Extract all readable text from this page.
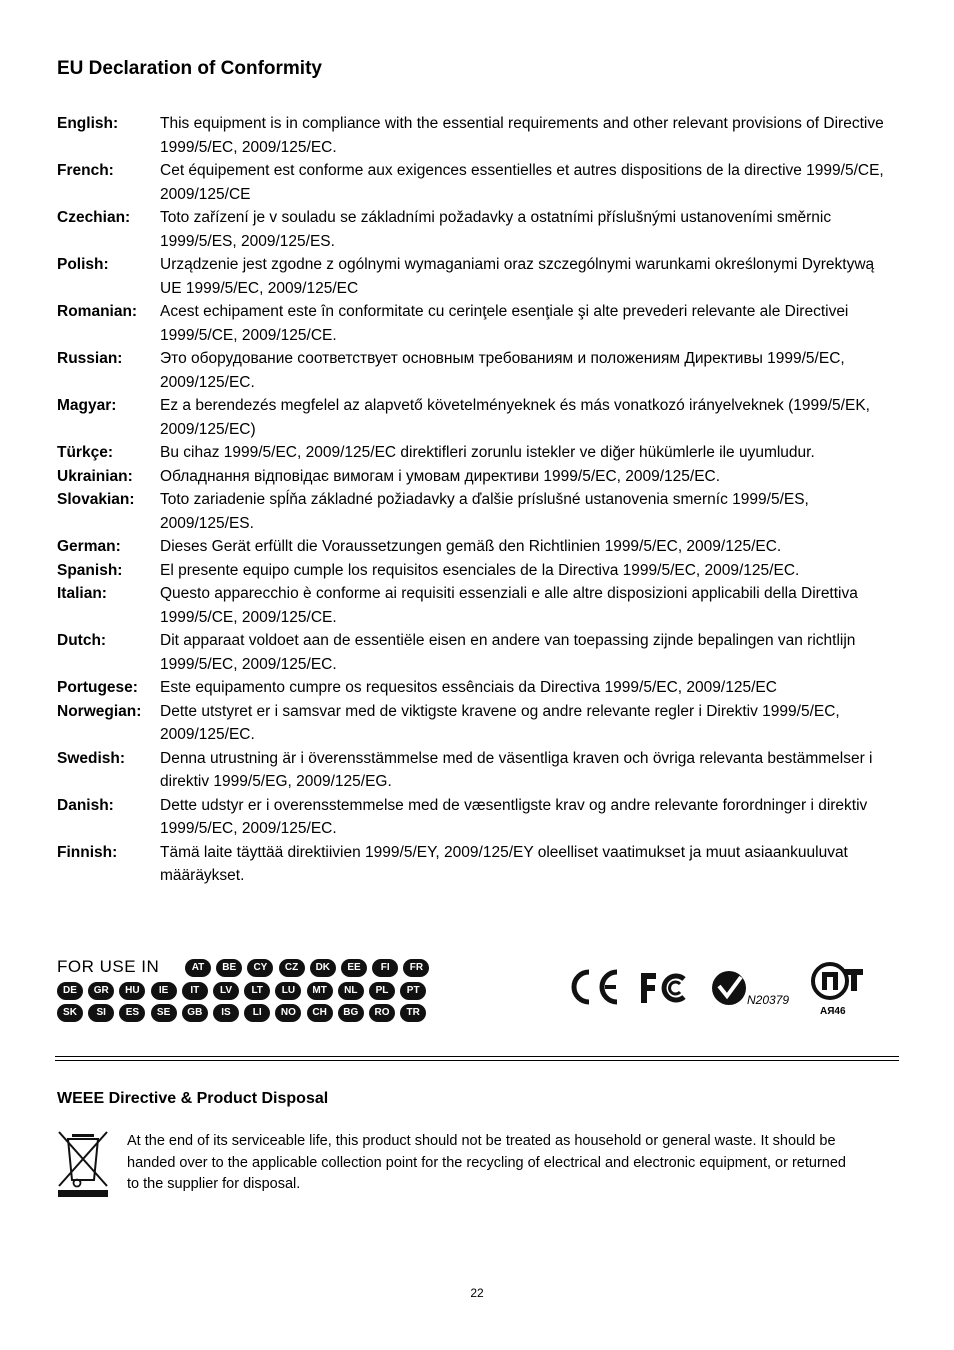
EU Declaration of Conformity
English:	This equipment is in compliance with the essential requirements and other relevant provisions of Directive 1999/5/EC, 2009/125/EC.
French:	Cet équipement est conforme aux exigences essentielles et autres dispositions de la directive 1999/5/CE, 2009/125/CE
Czechian:	Toto zařízení je v souladu se základními požadavky a ostatními příslušnými ustanoveními směrnic 1999/5/ES, 2009/125/ES.
Polish:	Urządzenie jest zgodne z ogólnymi wymaganiami oraz szczególnymi warunkami określonymi Dyrektywą UE 1999/5/EC, 2009/125/EC
Romanian:	Acest echipament este în conformitate cu cerinţele esenţiale şi alte prevederi relevante ale Directivei 1999/5/CE, 2009/125/CE.
Russian:	Это оборудование соответствует основным требованиям и положениям Директивы 1999/5/EC, 2009/125/EC.
Magyar:	Ez a berendezés megfelel az alapvető követelményeknek és más vonatkozó irányelveknek (1999/5/EK, 2009/125/EC)
Türkçe:	Bu cihaz 1999/5/EC, 2009/125/EC direktifleri zorunlu istekler ve diğer hükümlerle ile uyumludur.
Ukrainian:	Обладнання відповідає вимогам і умовам директиви 1999/5/EC, 2009/125/EC.
Slovakian:	Toto zariadenie spĺňa základné požiadavky a ďalšie príslušné ustanovenia smerníc 1999/5/ES, 2009/125/ES.
German:	Dieses Gerät erfüllt die Voraussetzungen gemäß den Richtlinien 1999/5/EC, 2009/125/EC.
Spanish:	El presente equipo cumple los requisitos esenciales de la Directiva 1999/5/EC, 2009/125/EC.
Italian:	Questo apparecchio è conforme ai requisiti essenziali e alle altre disposizioni applicabili della Direttiva 1999/5/CE, 2009/125/CE.
Dutch:	Dit apparaat voldoet aan de essentiële eisen en andere van toepassing zijnde bepalingen van richtlijn 1999/5/EC, 2009/125/EC.
Portugese:	Este equipamento cumpre os requesitos essênciais da Directiva 1999/5/EC, 2009/125/EC
Norwegian:	Dette utstyret er i samsvar med de viktigste kravene og andre relevante regler i Direktiv 1999/5/EC, 2009/125/EC.
Swedish:	Denna utrustning är i överensstämmelse med de väsentliga kraven och övriga relevanta bestämmelser i direktiv 1999/5/EG, 2009/125/EG.
Danish:	Dette udstyr er i overensstemmelse med de væsentligste krav og andre relevante forordninger i direktiv 1999/5/EC, 2009/125/EC.
Finnish:	Tämä laite täyttää direktiivien 1999/5/EY, 2009/125/EY oleelliset vaatimukset ja muut asiaankuuluvat määräykset.
FOR USE IN	AT	BE	CY	CZ	DK	EE	FI	FR
DE	GR	HU	IE	IT	LV	LT	LU	MT	NL	PL	PT
SK	SI	ES	SE	GB	IS	LI	NO	CH	BG	RO	TR
N20379
АЯ46
WEEE Directive & Product Disposal
At the end of its serviceable life, this product should not be treated as household or general waste. It should be handed over to the applicable collection point for the recycling of electrical and electronic equipment, or returned to the supplier for disposal.
22
